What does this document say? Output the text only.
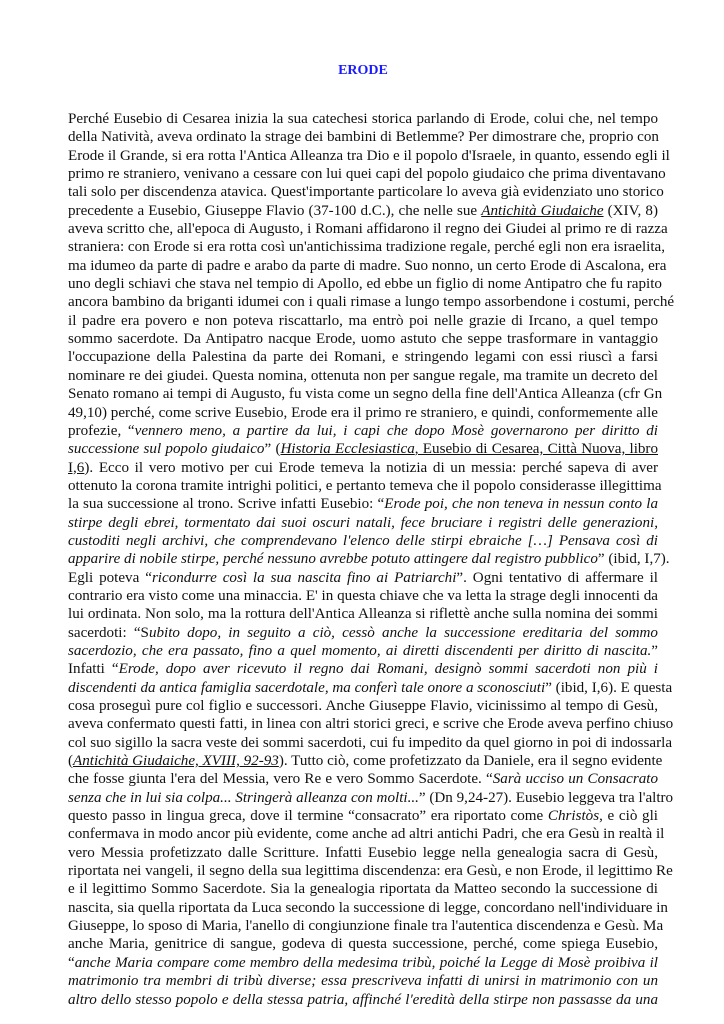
ERODE
Perché Eusebio di Cesarea inizia la sua catechesi storica parlando di Erode, colui che, nel tempo
della Natività, aveva ordinato la strage dei bambini di Betlemme? Per dimostrare che, proprio con
Erode il Grande, si era rotta l'Antica Alleanza tra Dio e il popolo d'Israele, in quanto, essendo egli il
primo re straniero, venivano a cessare con lui quei capi del popolo giudaico che prima diventavano
tali solo per discendenza atavica. Quest'importante particolare lo aveva già evidenziato uno storico
precedente a Eusebio, Giuseppe Flavio (37-100 d.C.), che nelle sue Antichità Giudaiche (XIV, 8)
aveva scritto che, all'epoca di Augusto, i Romani affidarono il regno dei Giudei al primo re di razza
straniera: con Erode si era rotta così un'antichissima tradizione regale, perché egli non era israelita,
ma idumeo da parte di padre e arabo da parte di madre. Suo nonno, un certo Erode di Ascalona, era
uno degli schiavi che stava nel tempio di Apollo, ed ebbe un figlio di nome Antipatro che fu rapito
ancora bambino da briganti idumei con i quali rimase a lungo tempo assorbendone i costumi, perché
il padre era povero e non poteva riscattarlo, ma entrò poi nelle grazie di Ircano, a quel tempo
sommo sacerdote. Da Antipatro nacque Erode, uomo astuto che seppe trasformare in vantaggio
l'occupazione della Palestina da parte dei Romani, e stringendo legami con essi riuscì a farsi
nominare re dei giudei. Questa nomina, ottenuta non per sangue regale, ma tramite un decreto del
Senato romano ai tempi di Augusto, fu vista come un segno della fine dell'Antica Alleanza (cfr Gn
49,10) perché, come scrive Eusebio, Erode era il primo re straniero, e quindi, conformemente alle
profezie, “vennero meno, a partire da lui, i capi che dopo Mosè governarono per diritto di
successione sul popolo giudaico” (Historia Ecclesiastica, Eusebio di Cesarea, Città Nuova, libro
I,6). Ecco il vero motivo per cui Erode temeva la notizia di un messia: perché sapeva di aver
ottenuto la corona tramite intrighi politici, e pertanto temeva che il popolo considerasse illegittima
la sua successione al trono. Scrive infatti Eusebio: “Erode poi, che non teneva in nessun conto la
stirpe degli ebrei, tormentato dai suoi oscuri natali, fece bruciare i registri delle generazioni,
custoditi negli archivi, che comprendevano l'elenco delle stirpi ebraiche […] Pensava così di
apparire di nobile stirpe, perché nessuno avrebbe potuto attingere dal registro pubblico” (ibid, I,7).
Egli poteva “ricondurre così la sua nascita fino ai Patriarchi”. Ogni tentativo di affermare il
contrario era visto come una minaccia. E' in questa chiave che va letta la strage degli innocenti da
lui ordinata. Non solo, ma la rottura dell'Antica Alleanza si riflettè anche sulla nomina dei sommi
sacerdoti: “Subito dopo, in seguito a ciò, cessò anche la successione ereditaria del sommo
sacerdozio, che era passato, fino a quel momento, ai diretti discendenti per diritto di nascita.”
Infatti “Erode, dopo aver ricevuto il regno dai Romani, designò sommi sacerdoti non più i
discendenti da antica famiglia sacerdotale, ma conferì tale onore a sconosciuti” (ibid, I,6). E questa
cosa proseguì pure col figlio e successori. Anche Giuseppe Flavio, vicinissimo al tempo di Gesù,
aveva confermato questi fatti, in linea con altri storici greci, e scrive che Erode aveva perfino chiuso
col suo sigillo la sacra veste dei sommi sacerdoti, cui fu impedito da quel giorno in poi di indossarla
(Antichità Giudaiche, XVIII, 92-93). Tutto ciò, come profetizzato da Daniele, era il segno evidente
che fosse giunta l'era del Messia, vero Re e vero Sommo Sacerdote. “Sarà ucciso un Consacrato
senza che in lui sia colpa... Stringerà alleanza con molti...” (Dn 9,24-27). Eusebio leggeva tra l'altro
questo passo in lingua greca, dove il termine “consacrato” era riportato come Christòs, e ciò gli
confermava in modo ancor più evidente, come anche ad altri antichi Padri, che era Gesù in realtà il
vero Messia profetizzato dalle Scritture. Infatti Eusebio legge nella genealogia sacra di Gesù,
riportata nei vangeli, il segno della sua legittima discendenza: era Gesù, e non Erode, il legittimo Re
e il legittimo Sommo Sacerdote. Sia la genealogia riportata da Matteo secondo la successione di
nascita, sia quella riportata da Luca secondo la successione di legge, concordano nell'individuare in
Giuseppe, lo sposo di Maria, l'anello di congiunzione finale tra l'autentica discendenza e Gesù. Ma
anche Maria, genitrice di sangue, godeva di questa successione, perché, come spiega Eusebio,
“anche Maria compare come membro della medesima tribù, poiché la Legge di Mosè proibiva il
matrimonio tra membri di tribù diverse; essa prescriveva infatti di unirsi in matrimonio con un
altro dello stesso popolo e della stessa patria, affinché l'eredità della stirpe non passasse da una
